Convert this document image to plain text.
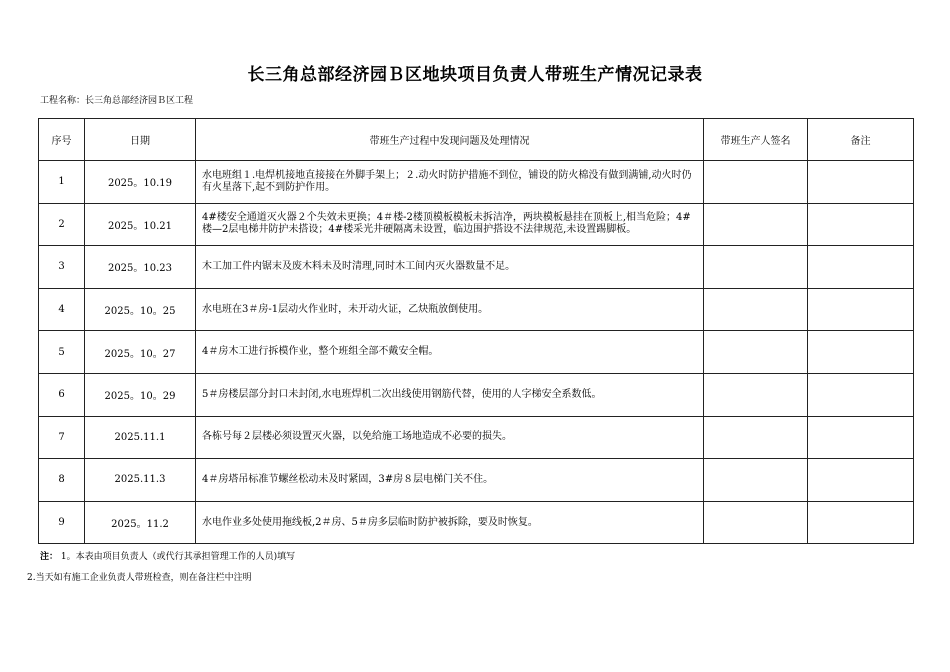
长三角总部经济园Ｂ区地块项目负责人带班生产情况记录表
工程名称：长三角总部经济园Ｂ区工程
序号	日期	带班生产过程中发现问题及处理情况	带班生产人签名	备注
1	2025。10.19	水电班组１.电焊机接地直接接在外脚手架上；２.动火时防护措施不到位，铺设的防火棉没有做到满铺,动火时仍有火星落下,起不到防护作用。		
2	2025。10.21	4#楼安全通道灭火器２个失效未更换；4＃楼-2楼顶模板模板未拆洁净，两块模板悬挂在顶板上,相当危险；4#楼—2层电梯井防护未搭设；4#楼采光井硬隔离未设置，临边围护搭设不法律规范,未设置踢脚板。		
3	2025。10.23	木工加工件内锯末及废木料未及时清理,同时木工间内灭火器数量不足。		
4	2025。10。25	水电班在3＃房-1层动火作业时，未开动火证，乙炔瓶放倒使用。		
5	2025。10。27	4＃房木工进行拆模作业，整个班组全部不戴安全帽。		
6	2025。10。29	5＃房楼层部分封口未封闭,水电班焊机二次出线使用钢筋代替，使用的人字梯安全系数低。		
7	2025.11.1	各栋号每２层楼必须设置灭火器，以免给施工场地造成不必要的损失。		
8	2025.11.3	4＃房塔吊标准节螺丝松动未及时紧固，3#房８层电梯门关不住。		
9	2025。11.2	水电作业多处使用拖线板,2＃房、5＃房多层临时防护被拆除，要及时恢复。		
注： 1。本表由项目负责人（或代行其承担管理工作的人员)填写
2.当天如有施工企业负责人带班检查，则在备注栏中注明
